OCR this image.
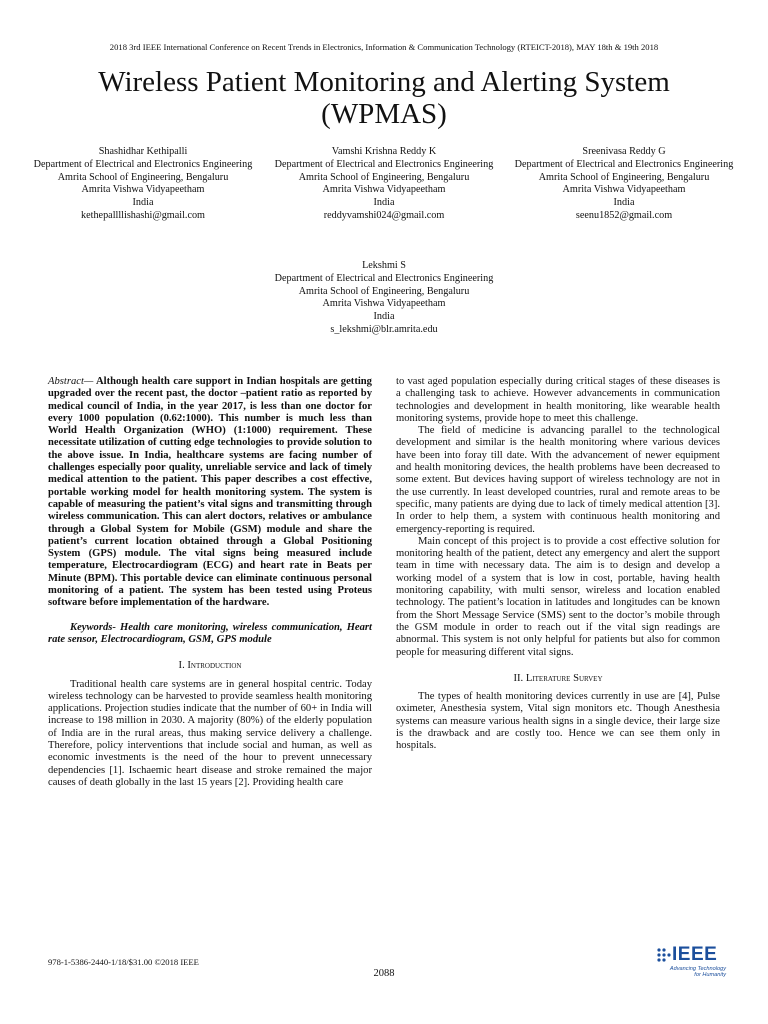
2018 3rd IEEE International Conference on Recent Trends in Electronics, Information & Communication Technology (RTEICT-2018), MAY 18th & 19th 2018
Wireless Patient Monitoring and Alerting System
(WPMAS)
Shashidhar Kethipalli
Department of Electrical and Electronics Engineering
Amrita School of Engineering, Bengaluru
Amrita Vishwa Vidyapeetham
India
kethepallllishashi@gmail.com
Vamshi Krishna Reddy K
Department of Electrical and Electronics Engineering
Amrita School of Engineering, Bengaluru
Amrita Vishwa Vidyapeetham
India
reddyvamshi024@gmail.com
Sreenivasa Reddy G
Department of Electrical and Electronics Engineering
Amrita School of Engineering, Bengaluru
Amrita Vishwa Vidyapeetham
India
seenu1852@gmail.com
Lekshmi S
Department of Electrical and Electronics Engineering
Amrita School of Engineering, Bengaluru
Amrita Vishwa Vidyapeetham
India
s_lekshmi@blr.amrita.edu

Abstract— Although health care support in Indian hospitals are getting upgraded over the recent past, the doctor –patient ratio as reported by medical council of India, in the year 2017, is less than one doctor for every 1000 population (0.62:1000). This number is much less than World Health Organization (WHO) (1:1000) requirement. These necessitate utilization of cutting edge technologies to provide solution to the above issue. In India, healthcare systems are facing number of challenges especially poor quality, unreliable service and lack of timely medical attention to the patient. This paper describes a cost effective, portable working model for health monitoring system. The system is capable of measuring the patient’s vital signs and transmitting through wireless communication. This can alert doctors, relatives or ambulance through a Global System for Mobile (GSM) module and share the patient’s current location obtained through a Global Positioning System (GPS) module. The vital signs being measured include temperature, Electrocardiogram (ECG) and heart rate in Beats per Minute (BPM). This portable device can eliminate continuous personal monitoring of a patient. The system has been tested using Proteus software before implementation of the hardware.

Keywords- Health care monitoring, wireless communication, Heart rate sensor, Electrocardiogram, GSM, GPS module

I. Introduction

Traditional health care systems are in general hospital centric. Today wireless technology can be harvested to provide seamless health monitoring applications. Projection studies indicate that the number of 60+ in India will increase to 198 million in 2030. A majority (80%) of the elderly population of India are in the rural areas, thus making service delivery a challenge. Therefore, policy interventions that include social and human, as well as economic investments is the need of the hour to prevent unnecessary dependencies [1]. Ischaemic heart disease and stroke remained the major causes of death globally in the last 15 years [2]. Providing health care

to vast aged population especially during critical stages of these diseases is a challenging task to achieve. However advancements in communication technologies and development in health monitoring, like wearable health monitoring systems, provide hope to meet this challenge.

The field of medicine is advancing parallel to the technological development and similar is the health monitoring where various devices have been into foray till date. With the advancement of newer equipment and health monitoring devices, the health problems have been decreased to some extent. But devices having support of wireless technology are not in the use currently. In least developed countries, rural and remote areas to be specific, many patients are dying due to lack of timely medical attention [3]. In order to help them, a system with continuous health monitoring and emergency-reporting is required.

Main concept of this project is to provide a cost effective solution for monitoring health of the patient, detect any emergency and alert the support team in time with necessary data. The aim is to design and develop a working model of a system that is low in cost, portable, having health monitoring capability, with multi sensor, wireless and location enabled technology. The patient’s location in latitudes and longitudes can be known from the Short Message Service (SMS) sent to the doctor’s mobile through the GSM module in order to reach out if the vital sign readings are abnormal. This system is not only helpful for patients but also for common people for measuring different vital signs.

II. Literature Survey

The types of health monitoring devices currently in use are [4], Pulse oximeter, Anesthesia system, Vital sign monitors etc. Though Anesthesia systems can measure various health signs in a single device, their large size is the drawback and are costly too. Hence we can see them only in hospitals.

978-1-5386-2440-1/18/$31.00 ©2018 IEEE
2088
IEEE
Advancing Technology for Humanity
